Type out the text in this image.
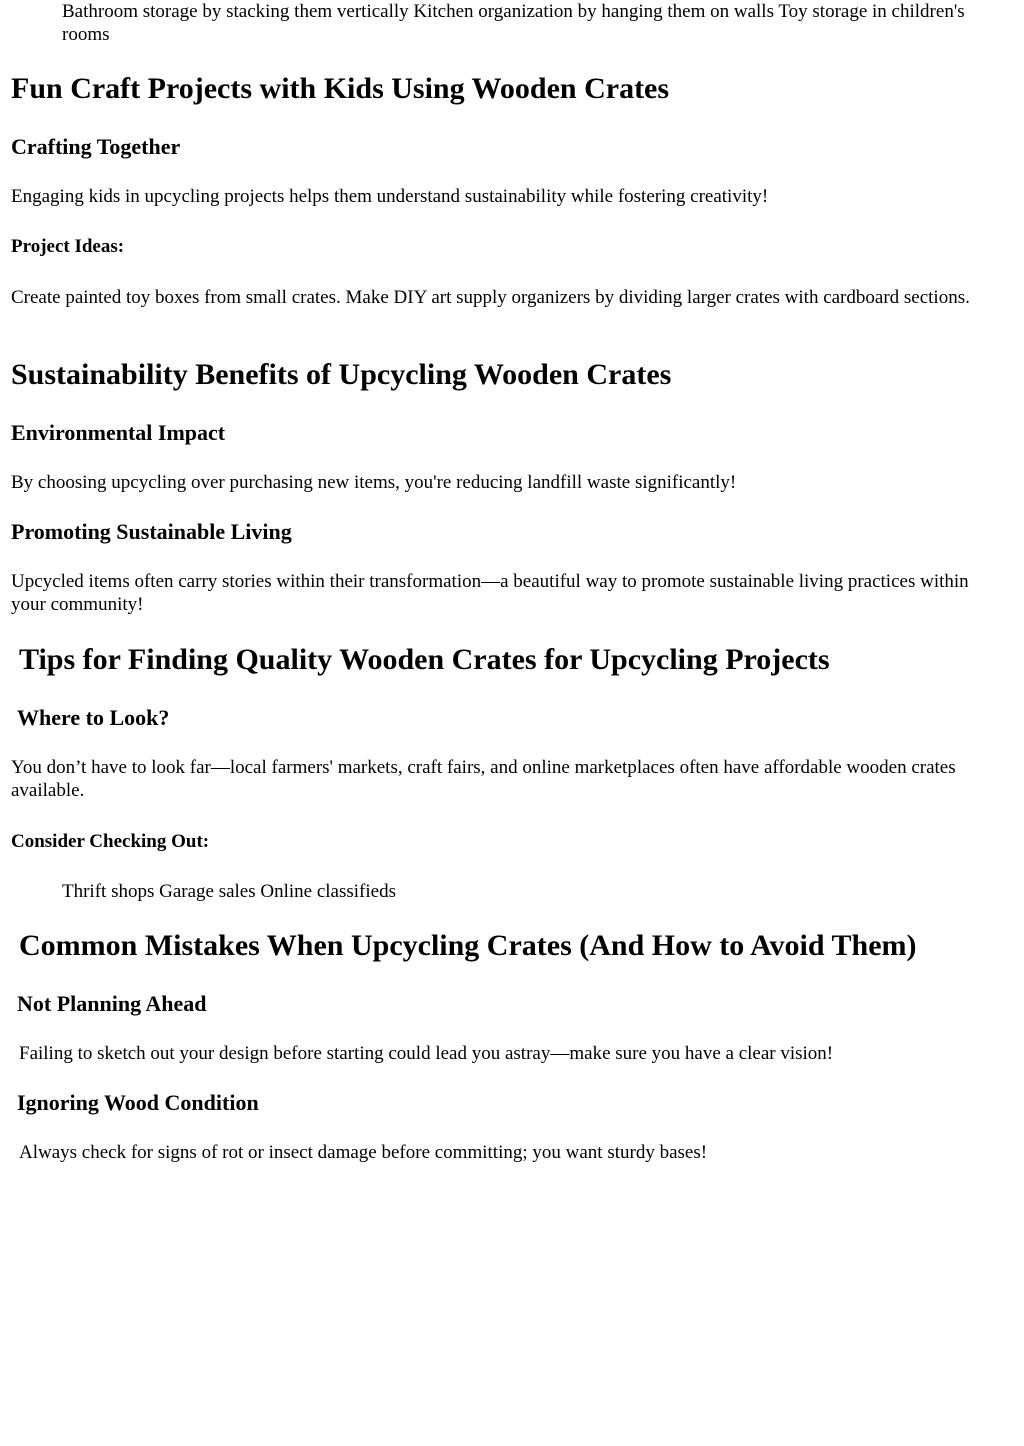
Bathroom storage by stacking them vertically Kitchen organization by hanging them on walls Toy storage in children's rooms

Fun Craft Projects with Kids Using Wooden Crates
Crafting Together

Engaging kids in upcycling projects helps them understand sustainability while fostering creativity!

Project Ideas:

Create painted toy boxes from small crates. Make DIY art supply organizers by dividing larger crates with cardboard sections.

Sustainability Benefits of Upcycling Wooden Crates
Environmental Impact

By choosing upcycling over purchasing new items, you're reducing landfill waste significantly!

Promoting Sustainable Living

Upcycled items often carry stories within their transformation—a beautiful way to promote sustainable living practices within your community!

Tips for Finding Quality Wooden Crates for Upcycling Projects
Where to Look?

You don’t have to look far—local farmers' markets, craft fairs, and online marketplaces often have affordable wooden crates available.

Consider Checking Out:

Thrift shops Garage sales Online classifieds

Common Mistakes When Upcycling Crates (And How to Avoid Them)
Not Planning Ahead

Failing to sketch out your design before starting could lead you astray—make sure you have a clear vision!

Ignoring Wood Condition

Always check for signs of rot or insect damage before committing; you want sturdy bases!
